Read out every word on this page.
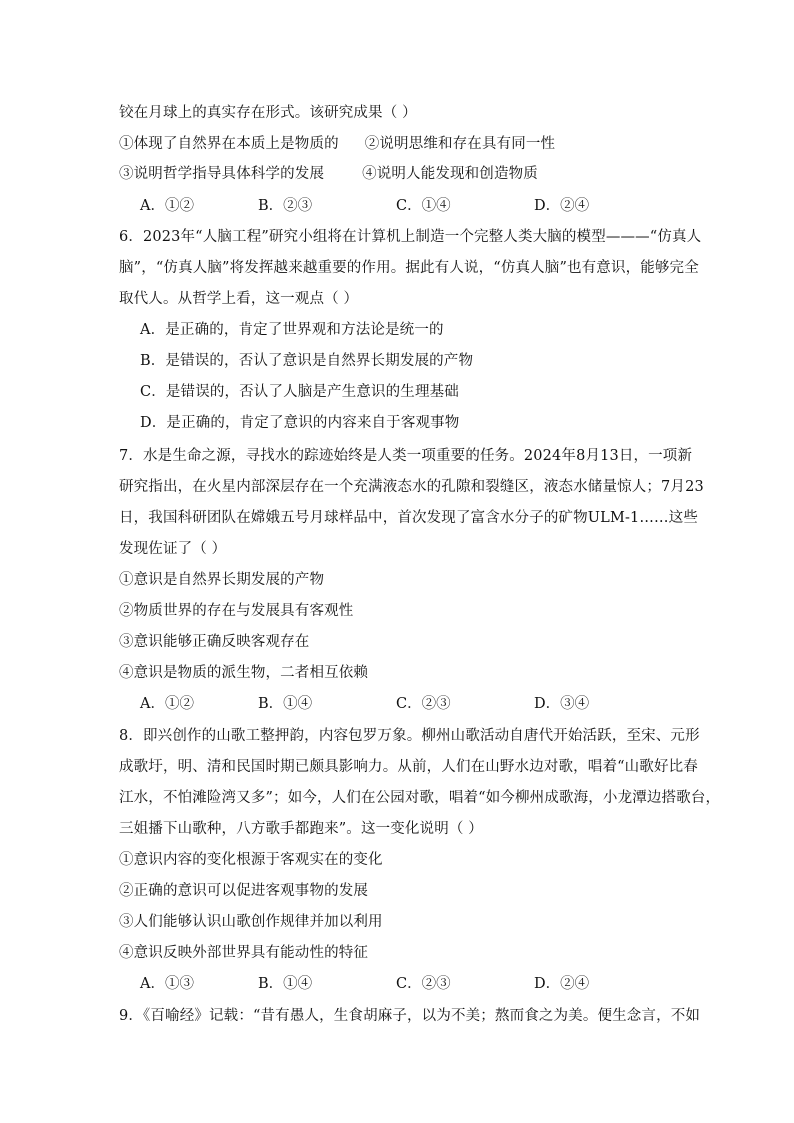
铰在月球上的真实存在形式。该研究成果（ ）
①体现了自然界在本质上是物质的 ②说明思维和存在具有同一性
③说明哲学指导具体科学的发展	④说明人能发现和创造物质
A．①②	B．②③	C．①④	D．②④
6．2023年“人脑工程”研究小组将在计算机上制造一个完整人类大脑的模型———“仿真人
脑”，“仿真人脑”将发挥越来越重要的作用。据此有人说，“仿真人脑”也有意识，能够完全
取代人。从哲学上看，这一观点（ ）
A．是正确的，肯定了世界观和方法论是统一的
B．是错误的，否认了意识是自然界长期发展的产物
C．是错误的，否认了人脑是产生意识的生理基础
D．是正确的，肯定了意识的内容来自于客观事物
7．水是生命之源，寻找水的踪迹始终是人类一项重要的任务。2024年8月13日，一项新
研究指出，在火星内部深层存在一个充满液态水的孔隙和裂缝区，液态水储量惊人；7月23
日，我国科研团队在嫦娥五号月球样品中，首次发现了富含水分子的矿物ULM-1……这些
发现佐证了（ ）
①意识是自然界长期发展的产物
②物质世界的存在与发展具有客观性
③意识能够正确反映客观存在
④意识是物质的派生物，二者相互依赖
A．①②	B．①④	C．②③	D．③④
8．即兴创作的山歌工整押韵，内容包罗万象。柳州山歌活动自唐代开始活跃，至宋、元形
成歌圩，明、清和民国时期已颇具影响力。从前，人们在山野水边对歌，唱着“山歌好比春
江水，不怕滩险湾又多”；如今，人们在公园对歌，唱着“如今柳州成歌海，小龙潭边搭歌台，
三姐播下山歌种，八方歌手都跑来”。这一变化说明（ ）
①意识内容的变化根源于客观实在的变化
②正确的意识可以促进客观事物的发展
③人们能够认识山歌创作规律并加以利用
④意识反映外部世界具有能动性的特征
A．①③	B．①④	C．②③	D．②④
9．《百喻经》记载：“昔有愚人，生食胡麻子，以为不美；熬而食之为美。便生念言，不如
